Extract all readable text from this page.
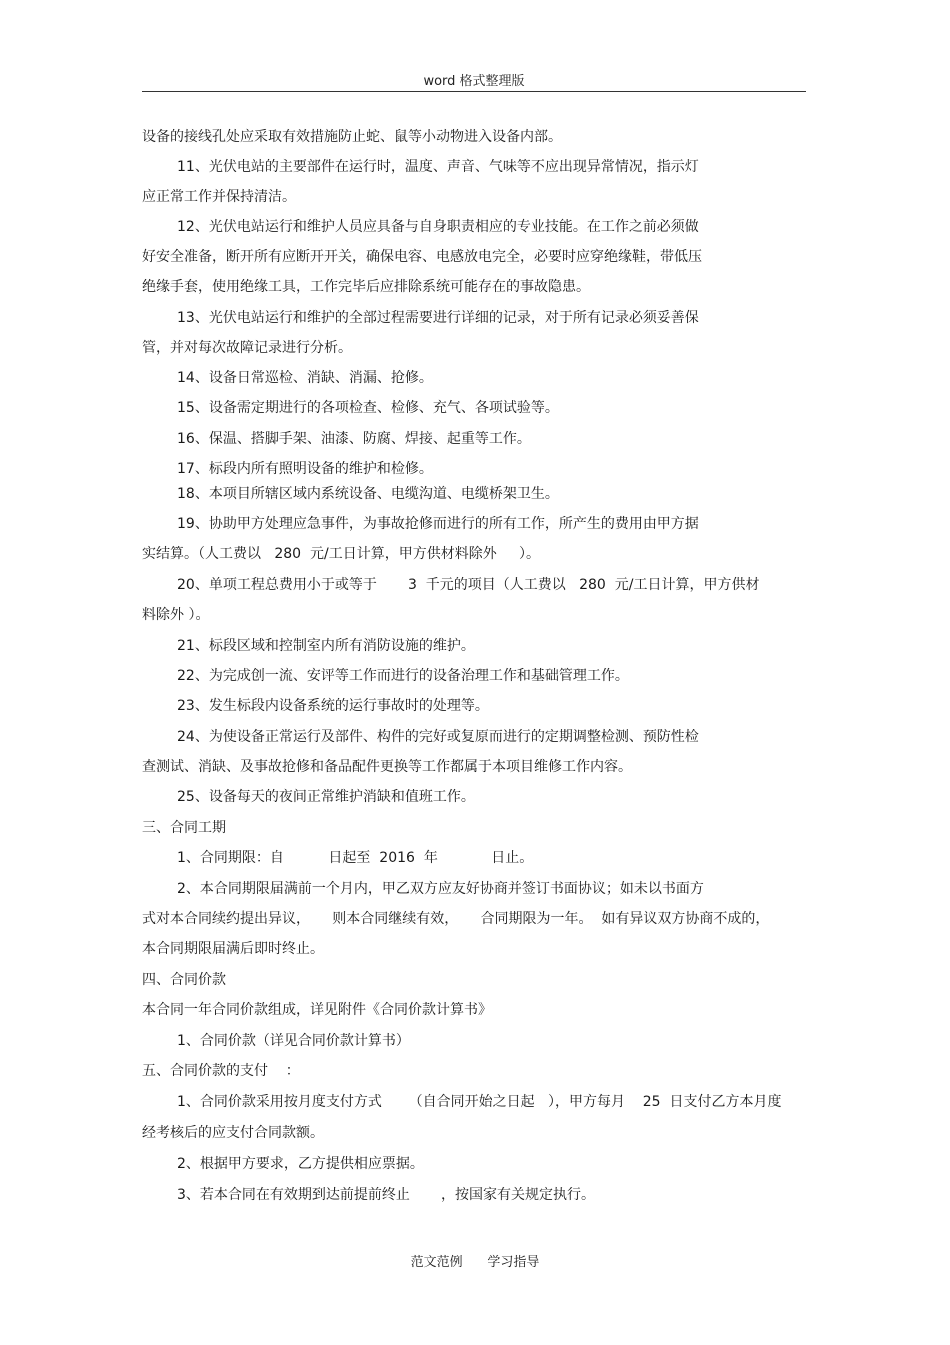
word 格式整理版
设备的接线孔处应采取有效措施防止蛇、鼠等小动物进入设备内部。
11、光伏电站的主要部件在运行时，温度、声音、气味等不应出现异常情况，指示灯
应正常工作并保持清洁。
12、光伏电站运行和维护人员应具备与自身职责相应的专业技能。在工作之前必须做
好安全准备，断开所有应断开开关，确保电容、电感放电完全，必要时应穿绝缘鞋，带低压
绝缘手套，使用绝缘工具，工作完毕后应排除系统可能存在的事故隐患。
13、光伏电站运行和维护的全部过程需要进行详细的记录，对于所有记录必须妥善保
管，并对每次故障记录进行分析。
14、设备日常巡检、消缺、消漏、抢修。
15、设备需定期进行的各项检查、检修、充气、各项试验等。
16、保温、搭脚手架、油漆、防腐、焊接、起重等工作。
17、标段内所有照明设备的维护和检修。
18、本项目所辖区域内系统设备、电缆沟道、电缆桥架卫生。
19、协助甲方处理应急事件，为事故抢修而进行的所有工作，所产生的费用由甲方据
实结算。（人工费以   280  元/工日计算，甲方供材料除外     ）。
20、单项工程总费用小于或等于       3  千元的项目（人工费以   280  元/工日计算，甲方供材
料除外 ）。
21、标段区域和控制室内所有消防设施的维护。
22、为完成创一流、安评等工作而进行的设备治理工作和基础管理工作。
23、发生标段内设备系统的运行事故时的处理等。
24、为使设备正常运行及部件、构件的完好或复原而进行的定期调整检测、预防性检
查测试、消缺、及事故抢修和备品配件更换等工作都属于本项目维修工作内容。
25、设备每天的夜间正常维护消缺和值班工作。
三、合同工期
1、合同期限：自          日起至  2016  年            日止。
2、本合同期限届满前一个月内，甲乙双方应友好协商并签订书面协议；如未以书面方
式对本合同续约提出异议，     则本合同继续有效，     合同期限为一年。  如有异议双方协商不成的，
本合同期限届满后即时终止。
四、合同价款
本合同一年合同价款组成，详见附件《合同价款计算书》
1、合同价款（详见合同价款计算书）
五、合同价款的支付    ：
1、合同价款采用按月度支付方式      （自合同开始之日起   ），甲方每月    25  日支付乙方本月度
经考核后的应支付合同款额。
2、根据甲方要求，乙方提供相应票据。
3、若本合同在有效期到达前提前终止       ，按国家有关规定执行。
范文范例      学习指导
